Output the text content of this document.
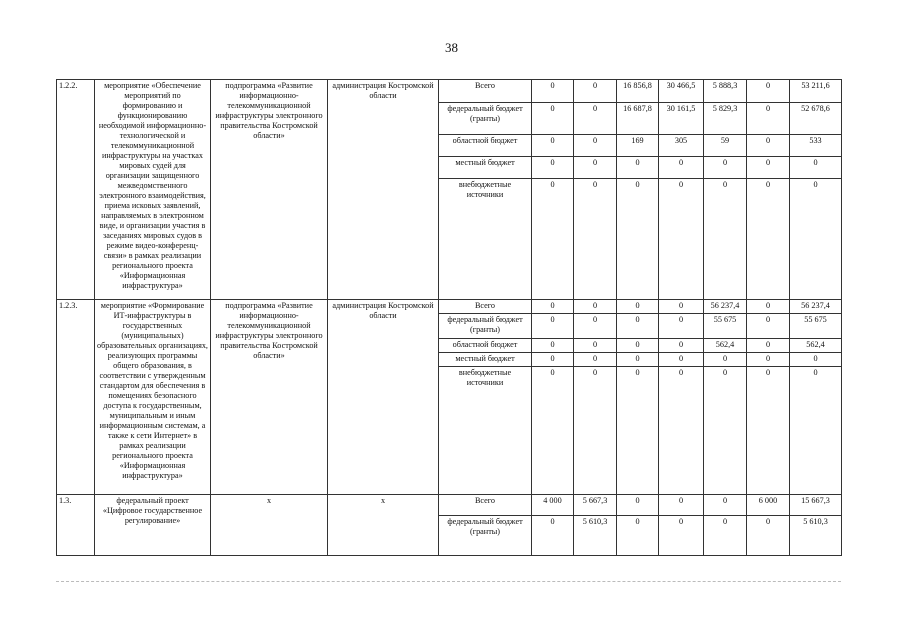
38
1.2.2.	мероприятие «Обеспечение мероприятий по формированию и функционированию необходимой информационно-технологической и телекоммуникационной инфраструктуры на участках мировых судей для организации защищенного межведомственного электронного взаимодействия, приема исковых заявлений, направляемых в электронном виде, и организации участия в заседаниях мировых судов в режиме видео-конференц-связи» в рамках реализации регионального проекта «Информационная инфраструктура»	подпрограмма «Развитие информационно-телекоммуникационной инфраструктуры электронного правительства Костромской области»	администрация Костромской области	Всего	0	0	16 856,8	30 466,5	5 888,3	0	53 211,6
				федеральный бюджет (гранты)	0	0	16 687,8	30 161,5	5 829,3	0	52 678,6
				областной бюджет	0	0	169	305	59	0	533
				местный бюджет	0	0	0	0	0	0	0
				внебюджетные источники	0	0	0	0	0	0	0
1.2.3.	мероприятие «Формирование ИТ-инфраструктуры в государственных (муниципальных) образовательных организациях, реализующих программы общего образования, в соответствии с утвержденным стандартом для обеспечения в помещениях безопасного доступа к государственным, муниципальным и иным информационным системам, а также к сети Интернет» в рамках реализации регионального проекта «Информационная инфраструктура»	подпрограмма «Развитие информационно-телекоммуникационной инфраструктуры электронного правительства Костромской области»	администрация Костромской области	Всего	0	0	0	0	56 237,4	0	56 237,4
				федеральный бюджет (гранты)	0	0	0	0	55 675	0	55 675
				областной бюджет	0	0	0	0	562,4	0	562,4
				местный бюджет	0	0	0	0	0	0	0
				внебюджетные источники	0	0	0	0	0	0	0
1.3.	федеральный проект «Цифровое государственное регулирование»	х	х	Всего	4 000	5 667,3	0	0	0	6 000	15 667,3
				федеральный бюджет (гранты)	0	5 610,3	0	0	0	0	5 610,3
